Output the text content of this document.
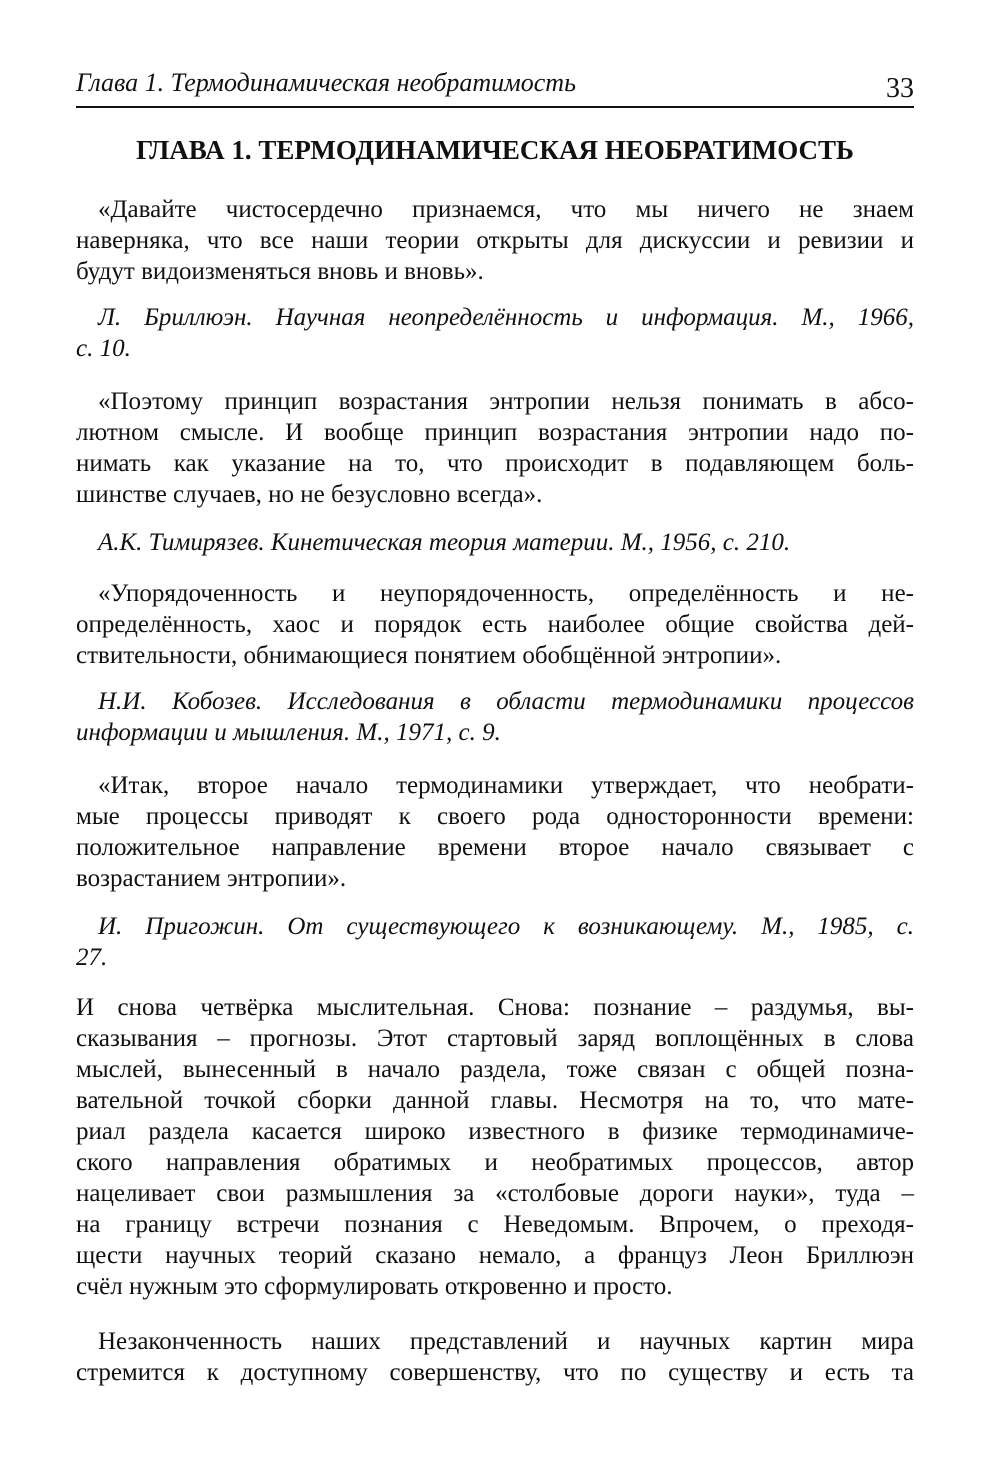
Глава 1. Термодинамическая необратимость	33
ГЛАВА 1. ТЕРМОДИНАМИЧЕСКАЯ НЕОБРАТИМОСТЬ
«Давайте чистосердечно признаемся, что мы ничего не знаем
наверняка, что все наши теории открыты для дискуссии и ревизии и
будут видоизменяться вновь и вновь».
Л. Бриллюэн. Научная неопределённость и информация. М., 1966,
с. 10.
«Поэтому принцип возрастания энтропии нельзя понимать в абсо-
лютном смысле. И вообще принцип возрастания энтропии надо по-
нимать как указание на то, что происходит в подавляющем боль-
шинстве случаев, но не безусловно всегда».
А.К. Тимирязев. Кинетическая теория материи. М., 1956, с. 210.
«Упорядоченность и неупорядоченность, определённость и не-
определённость, хаос и порядок есть наиболее общие свойства дей-
ствительности, обнимающиеся понятием обобщённой энтропии».
Н.И. Кобозев. Исследования в области термодинамики процессов
информации и мышления. М., 1971, с. 9.
«Итак, второе начало термодинамики утверждает, что необрати-
мые процессы приводят к своего рода односторонности времени:
положительное направление времени второе начало связывает с
возрастанием энтропии».
И. Пригожин. От существующего к возникающему. М., 1985, с.
27.
И снова четвёрка мыслительная. Снова: познание – раздумья, вы-
сказывания – прогнозы. Этот стартовый заряд воплощённых в слова
мыслей, вынесенный в начало раздела, тоже связан с общей позна-
вательной точкой сборки данной главы. Несмотря на то, что мате-
риал раздела касается широко известного в физике термодинамиче-
ского направления обратимых и необратимых процессов, автор
нацеливает свои размышления за «столбовые дороги науки», туда –
на границу встречи познания с Неведомым. Впрочем, о преходя-
щести научных теорий сказано немало, а француз Леон Бриллюэн
счёл нужным это сформулировать откровенно и просто.
Незаконченность наших представлений и научных картин мира
стремится к доступному совершенству, что по существу и есть та
